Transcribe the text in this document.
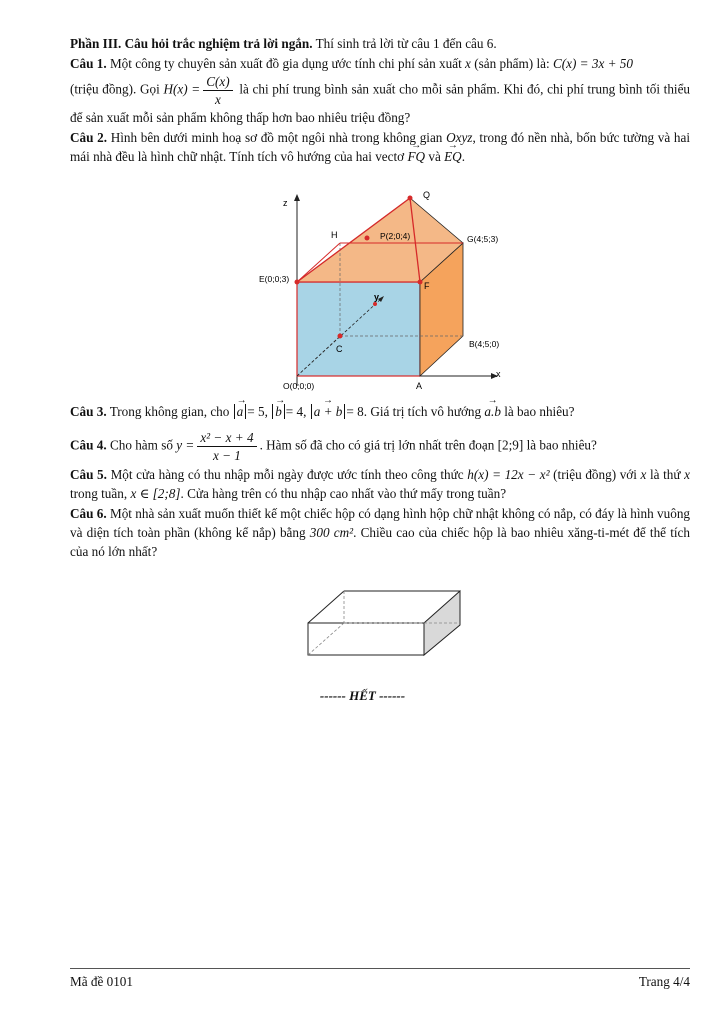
Phần III. Câu hỏi trắc nghiệm trả lời ngắn. Thí sinh trả lời từ câu 1 đến câu 6.

Câu 1. Một công ty chuyên sản xuất đồ gia dụng ước tính chi phí sản xuất x (sản phẩm) là: C(x) = 3x + 50
(triệu đồng). Gọi $H(x) = \frac{C(x)}{x}$ là chi phí trung bình sản xuất cho mỗi sản phẩm. Khi đó, chi phí trung bình tối thiểu để sản xuất mỗi sản phẩm không thấp hơn bao nhiêu triệu đồng?

Câu 2. Hình bên dưới minh hoạ sơ đồ một ngôi nhà trong không gian Oxyz, trong đó nền nhà, bốn bức tường và hai mái nhà đều là hình chữ nhật. Tính tích vô hướng của hai vectơ → FQ và → EQ.

z
y
x
Q
H	P(2;0;4)	G(4;5;3)
E(0;0;3)
F
C	B(4;5;0)
O(0;0;0)	A

Câu 3. Trong không gian, cho → a = 5, → b = 4, → a + b = 8. Giá trị tích vô hướng → a.b là bao nhiêu?

Câu 4. Cho hàm số $y = \frac{\text{x² − x + 4}}{x - 1}$ . Hàm số đã cho có giá trị lớn nhất trên đoạn [2;9] là bao nhiêu?

Câu 5. Một cửa hàng có thu nhập mỗi ngày được ước tính theo công thức h(x) = 12x − x² (triệu đồng) với x là thứ x trong tuần, x ∈ [2;8]. Cửa hàng trên có thu nhập cao nhất vào thứ mấy trong tuần?

Câu 6. Một nhà sản xuất muốn thiết kế một chiếc hộp có dạng hình hộp chữ nhật không có nắp, có đáy là hình vuông và diện tích toàn phần (không kể nắp) bằng 300 cm². Chiều cao của chiếc hộp là bao nhiêu xăng-ti-mét để thể tích của nó lớn nhất?

------ HẾT ------
Mã đề 0101	Trang 4/4
